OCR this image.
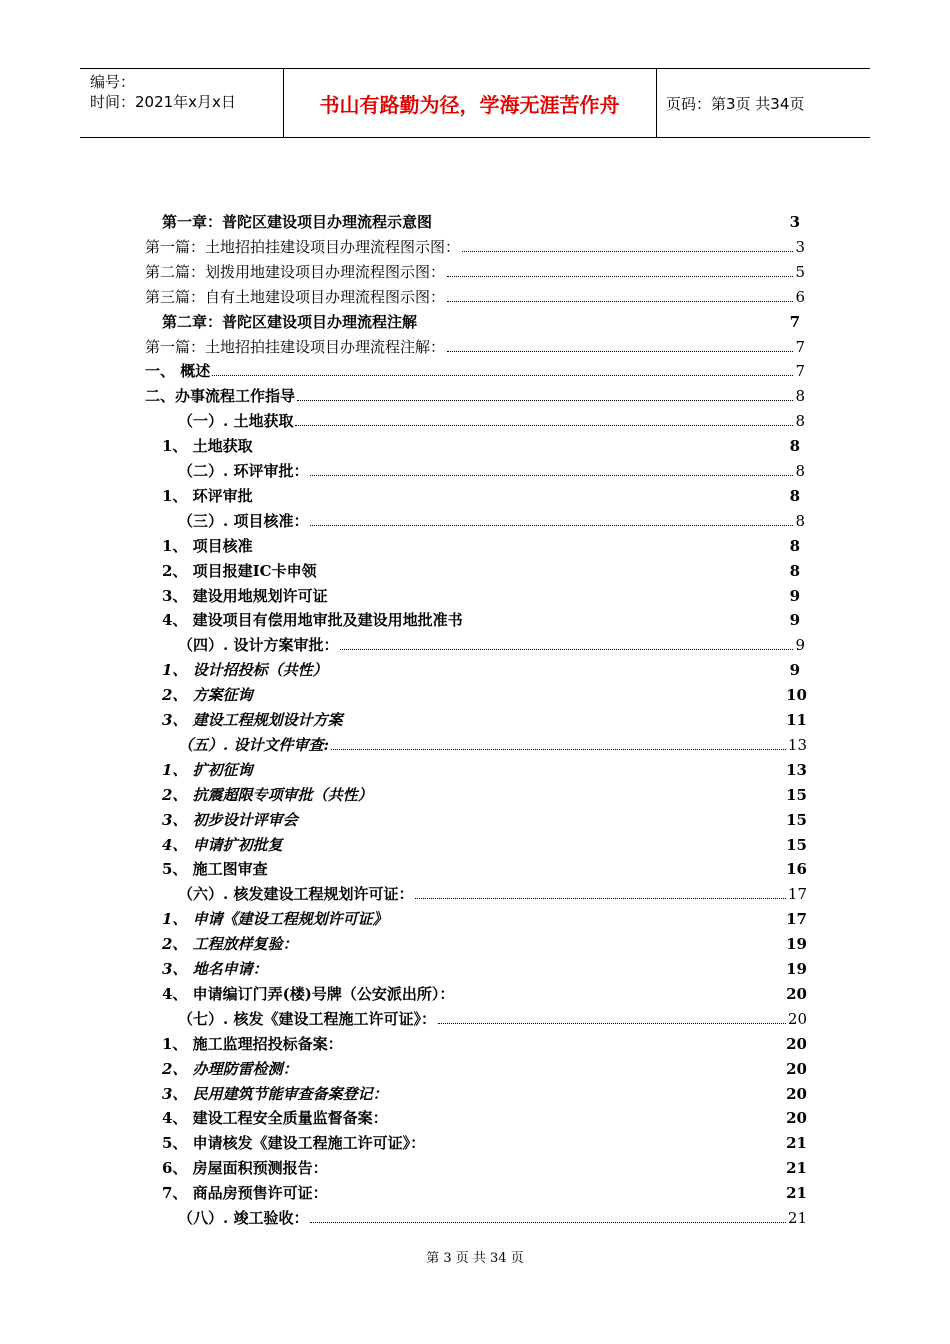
编号：
时间：2021年x月x日	书山有路勤为径，学海无涯苦作舟	页码：第3页 共34页
第一章：普陀区建设项目办理流程示意图	3
第一篇：土地招拍挂建设项目办理流程图示图：	3
第二篇：划拨用地建设项目办理流程图示图：	5
第三篇：自有土地建设项目办理流程图示图：	6
第二章：普陀区建设项目办理流程注解	7
第一篇：土地招拍挂建设项目办理流程注解：	7
一、 概述	7
二、办事流程工作指导	8
（一）. 土地获取	8
1、 土地获取	8
（二）. 环评审批：	8
1、 环评审批	8
（三）. 项目核准：	8
1、 项目核准	8
2、 项目报建IC卡申领	8
3、 建设用地规划许可证	9
4、 建设项目有偿用地审批及建设用地批准书	9
（四）. 设计方案审批：	9
1、 设计招投标（共性）	9
2、 方案征询	10
3、 建设工程规划设计方案	11
（五）. 设计文件审查:	13
1、 扩初征询	13
2、 抗震超限专项审批（共性）	15
3、 初步设计评审会	15
4、 申请扩初批复	15
5、 施工图审查	16
（六）. 核发建设工程规划许可证：	17
1、 申请《建设工程规划许可证》	17
2、 工程放样复验：	19
3、 地名申请：	19
4、 申请编订门弄(楼)号牌（公安派出所）：	20
（七）. 核发《建设工程施工许可证》：	20
1、 施工监理招投标备案：	20
2、 办理防雷检测：	20
3、 民用建筑节能审查备案登记：	20
4、 建设工程安全质量监督备案：	20
5、 申请核发《建设工程施工许可证》：	21
6、 房屋面积预测报告：	21
7、 商品房预售许可证：	21
（八）. 竣工验收：	21
第 3 页 共 34 页
